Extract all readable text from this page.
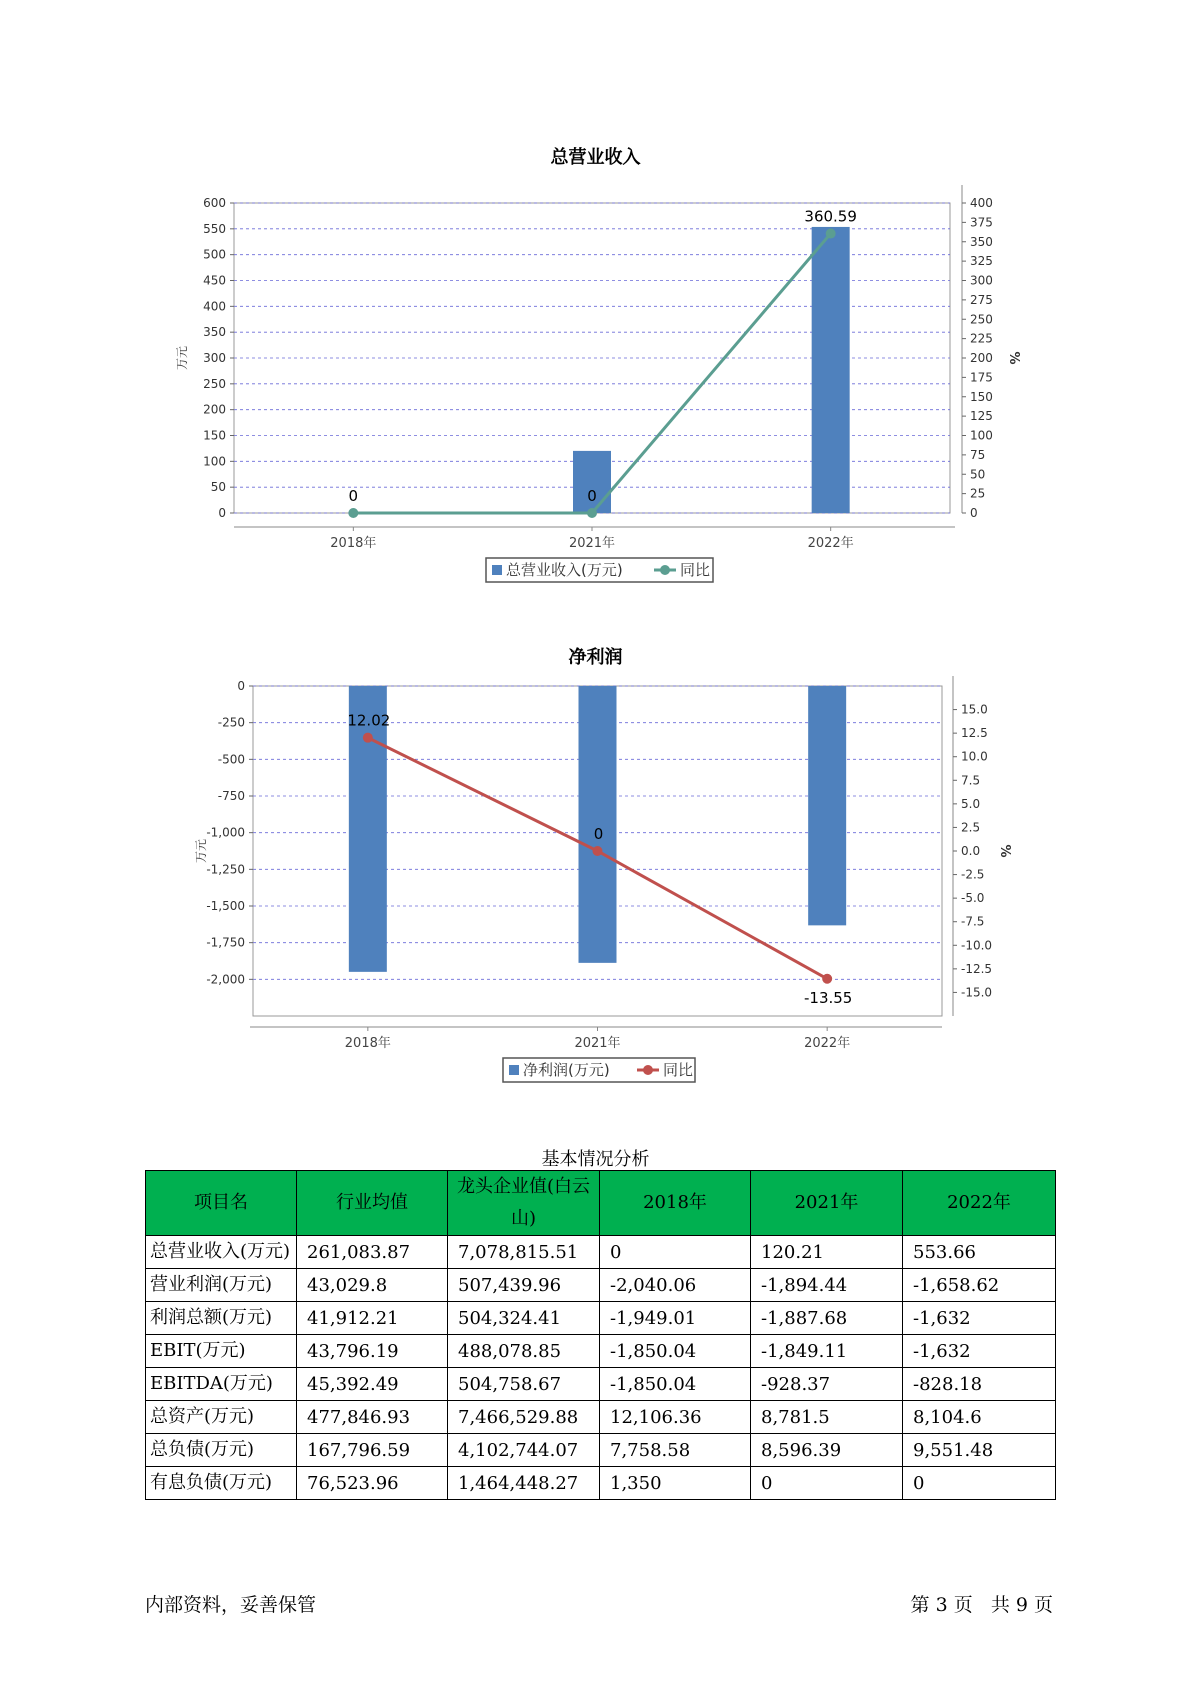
总营业收入
0
50
100
150
200
250
300
350
400
450
500
550
600
万元
0
25
50
75
100
125
150
175
200
225
250
275
300
325
350
375
400
%
2018年	2021年	2022年
0	0
360.59
总营业收入(万元)	同比
净利润
0
-250
-500
-750
-1,000
-1,250
-1,500
-1,750
-2,000
万元
15.0
12.5
10.0
7.5
5.0
2.5
0.0
-2.5
-5.0
-7.5
-10.0
-12.5
-15.0
%
2018年	2021年	2022年
12.02
0
-13.55
净利润(万元)	同比
基本情况分析
项目名	行业均值	龙头企业值(白云山)	2018年	2021年	2022年
总营业收入(万元)	261,083.87	7,078,815.51	0	120.21	553.66
营业利润(万元)	43,029.8	507,439.96	-2,040.06	-1,894.44	-1,658.62
利润总额(万元)	41,912.21	504,324.41	-1,949.01	-1,887.68	-1,632
EBIT(万元)	43,796.19	488,078.85	-1,850.04	-1,849.11	-1,632
EBITDA(万元)	45,392.49	504,758.67	-1,850.04	-928.37	-828.18
总资产(万元)	477,846.93	7,466,529.88	12,106.36	8,781.5	8,104.6
总负债(万元)	167,796.59	4,102,744.07	7,758.58	8,596.39	9,551.48
有息负债(万元)	76,523.96	1,464,448.27	1,350	0	0
内部资料，妥善保管	第 3 页   共 9 页
